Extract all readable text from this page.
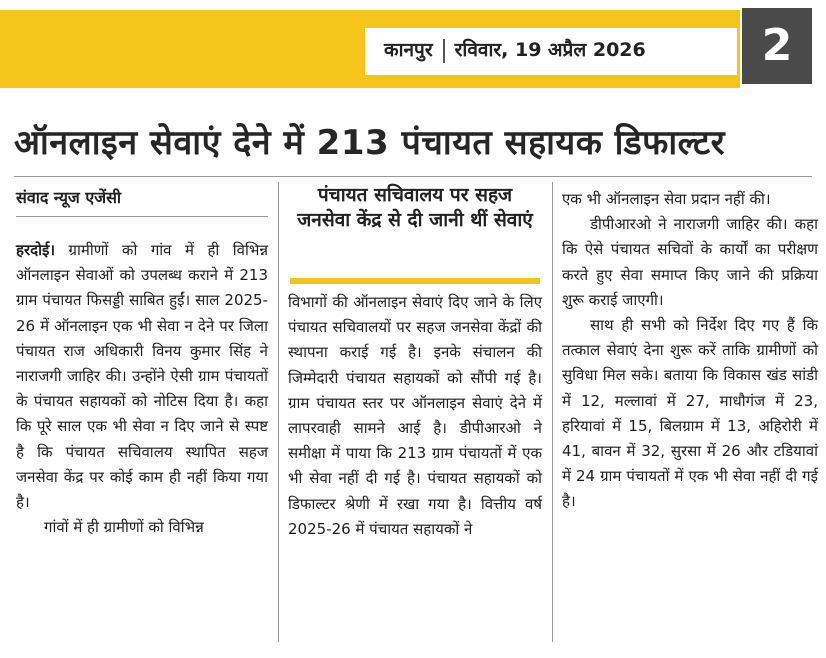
कानपुर रविवार, 19 अप्रैल 2026	2
ऑनलाइन सेवाएं देने में 213 पंचायत सहायक डिफाल्टर
संवाद न्यूज एजेंसी

हरदोई। ग्रामीणों को गांव में ही विभिन्न ऑनलाइन सेवाओं को उपलब्ध कराने में 213 ग्राम पंचायत फिसड्डी साबित हुईं। साल 2025-26 में ऑनलाइन एक भी सेवा न देने पर जिला पंचायत राज अधिकारी विनय कुमार सिंह ने नाराजगी जाहिर की। उन्होंने ऐसी ग्राम पंचायतों के पंचायत सहायकों को नोटिस दिया है। कहा कि पूरे साल एक भी सेवा न दिए जाने से स्पष्ट है कि पंचायत सचिवालय स्थापित सहज जनसेवा केंद्र पर कोई काम ही नहीं किया गया है।

गांवों में ही ग्रामीणों को विभिन्न

पंचायत सचिवालय पर सहज जनसेवा केंद्र से दी जानी थीं सेवाएं

विभागों की ऑनलाइन सेवाएं दिए जाने के लिए पंचायत सचिवालयों पर सहज जनसेवा केंद्रों की स्थापना कराई गई है। इनके संचालन की जिम्मेदारी पंचायत सहायकों को सौंपी गई है। ग्राम पंचायत स्तर पर ऑनलाइन सेवाएं देने में लापरवाही सामने आई है। डीपीआरओ ने समीक्षा में पाया कि 213 ग्राम पंचायतों में एक भी सेवा नहीं दी गई है। पंचायत सहायकों को डिफाल्टर श्रेणी में रखा गया है। वित्तीय वर्ष 2025-26 में पंचायत सहायकों ने

एक भी ऑनलाइन सेवा प्रदान नहीं की।

डीपीआरओ ने नाराजगी जाहिर की। कहा कि ऐसे पंचायत सचिवों के कार्यों का परीक्षण करते हुए सेवा समाप्त किए जाने की प्रक्रिया शुरू कराई जाएगी।

साथ ही सभी को निर्देश दिए गए हैं कि तत्काल सेवाएं देना शुरू करें ताकि ग्रामीणों को सुविधा मिल सके। बताया कि विकास खंड सांडी में 12, मल्लावां में 27, माधौगंज में 23, हरियावां में 15, बिलग्राम में 13, अहिरोरी में 41, बावन में 32, सुरसा में 26 और टडियावां में 24 ग्राम पंचायतों में एक भी सेवा नहीं दी गई है।
